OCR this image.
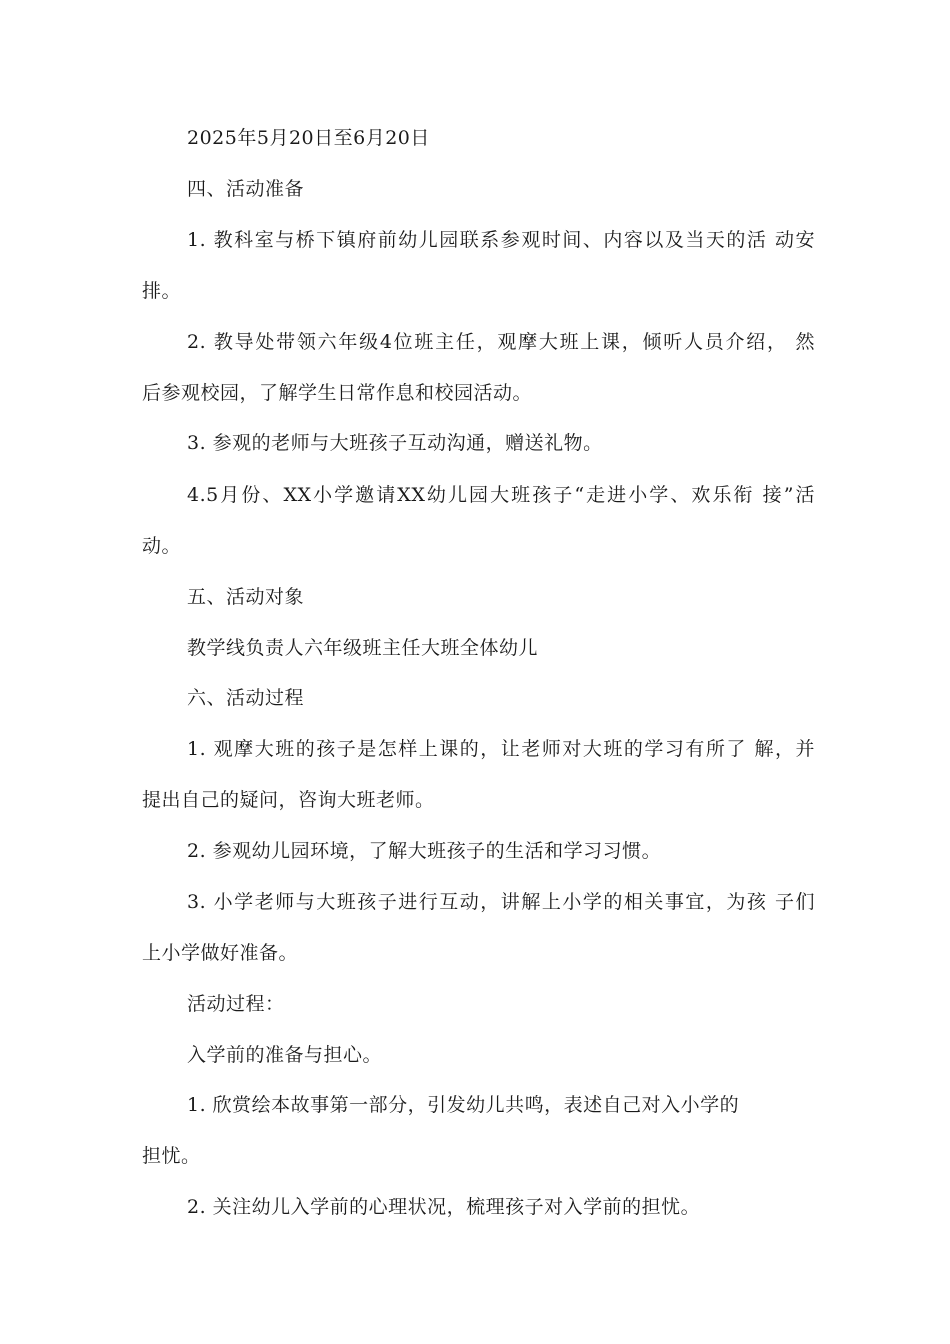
2025年5月20日至6月20日
四、活动准备
1. 教科室与桥下镇府前幼儿园联系参观时间、内容以及当天的活 动安
排。
2. 教导处带领六年级4位班主任，观摩大班上课，倾听人员介绍， 然
后参观校园，了解学生日常作息和校园活动。
3. 参观的老师与大班孩子互动沟通，赠送礼物。
4.5月份、XX小学邀请XX幼儿园大班孩子“走进小学、欢乐衔 接”活
动。
五、活动对象
教学线负责人六年级班主任大班全体幼儿
六、活动过程
1. 观摩大班的孩子是怎样上课的，让老师对大班的学习有所了 解，并
提出自己的疑问，咨询大班老师。
2. 参观幼儿园环境，了解大班孩子的生活和学习习惯。
3. 小学老师与大班孩子进行互动，讲解上小学的相关事宜，为孩 子们
上小学做好准备。
活动过程：
入学前的准备与担心。
1. 欣赏绘本故事第一部分，引发幼儿共鸣，表述自己对入小学的
担忧。
2. 关注幼儿入学前的心理状况，梳理孩子对入学前的担忧。
